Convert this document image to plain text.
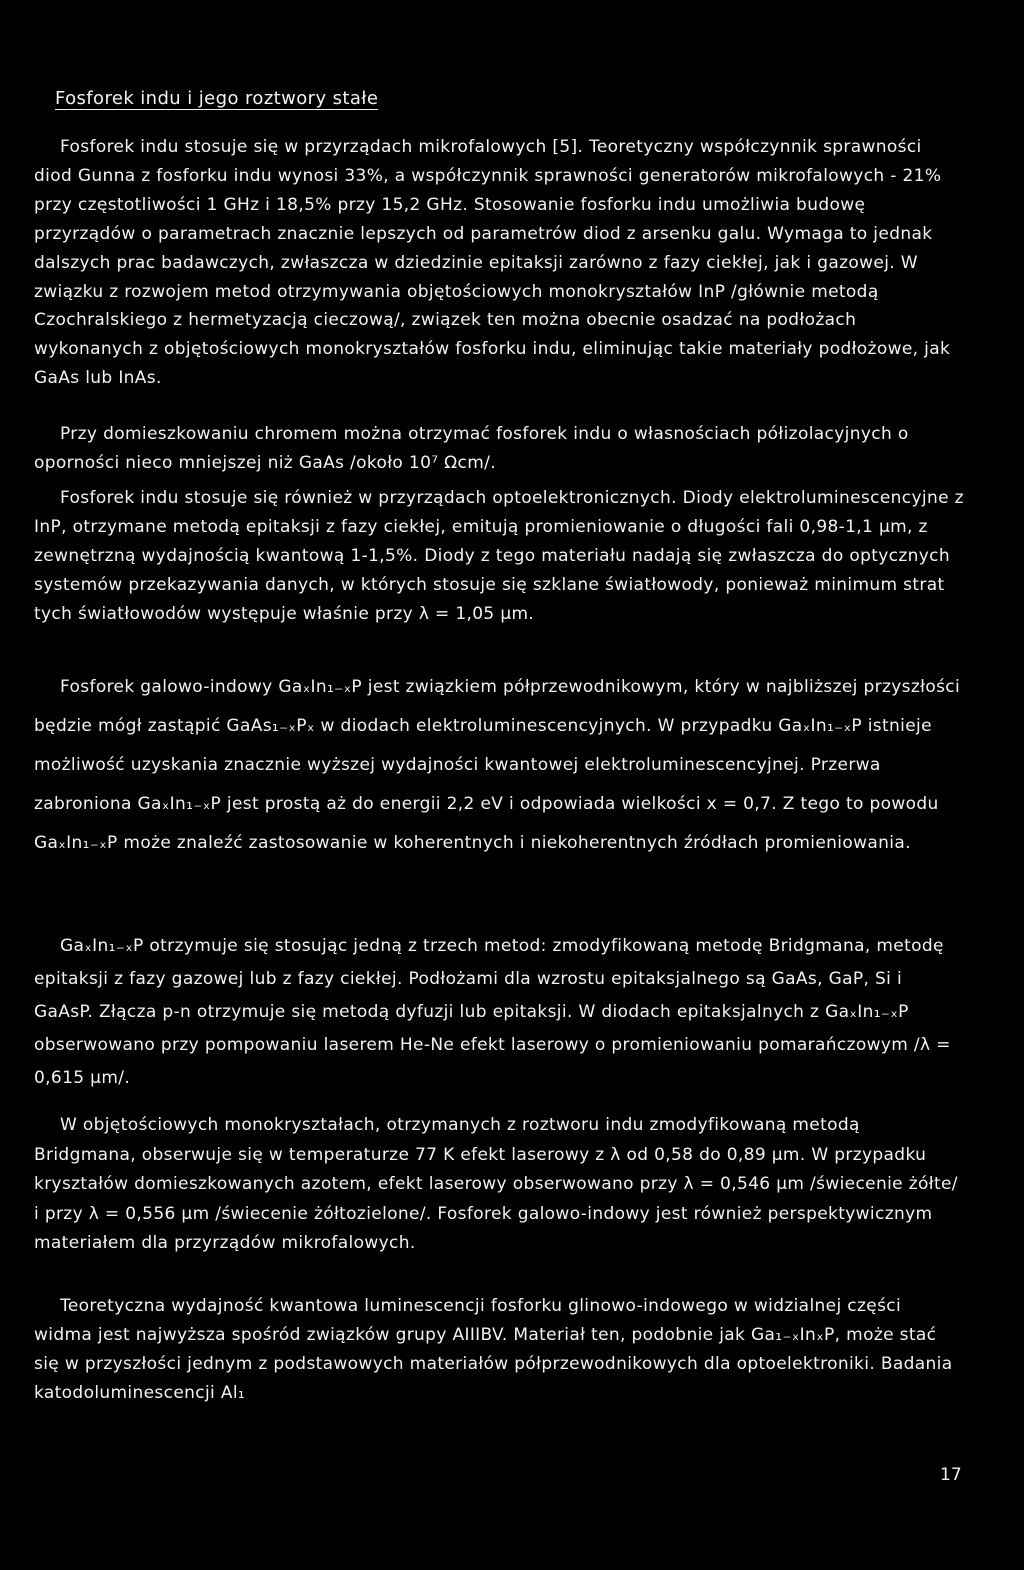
Fosforek indu i jego roztwory stałe

Fosforek indu stosuje się w przyrządach mikrofalowych [5]. Teoretyczny współczynnik sprawności diod Gunna z fosforku indu wynosi 33%, a współczynnik sprawności generatorów mikrofalowych - 21% przy częstotliwości 1 GHz i 18,5% przy 15,2 GHz. Stosowanie fosforku indu umożliwia budowę przyrządów o parametrach znacznie lepszych od parametrów diod z arsenku galu. Wymaga to jednak dalszych prac badawczych, zwłaszcza w dziedzinie epitaksji zarówno z fazy ciekłej, jak i gazowej. W związku z rozwojem metod otrzymywania objętościowych monokryształów InP /głównie metodą Czochralskiego z hermetyzacją cieczową/, związek ten można obecnie osadzać na podłożach wykonanych z objętościowych monokryształów fosforku indu, eliminując takie materiały podłożowe, jak GaAs lub InAs.

Przy domieszkowaniu chromem można otrzymać fosforek indu o własnościach półizolacyjnych o oporności nieco mniejszej niż GaAs /około 10⁷ Ωcm/.

Fosforek indu stosuje się również w przyrządach optoelektronicznych. Diody elektroluminescencyjne z InP, otrzymane metodą epitaksji z fazy ciekłej, emitują promieniowanie o długości fali 0,98-1,1 μm, z zewnętrzną wydajnością kwantową 1-1,5%. Diody z tego materiału nadają się zwłaszcza do optycznych systemów przekazywania danych, w których stosuje się szklane światłowody, ponieważ minimum strat tych światłowodów występuje właśnie przy λ = 1,05 μm.

Fosforek galowo-indowy GaₓIn₁₋ₓP jest związkiem półprzewodnikowym, który w najbliższej przyszłości będzie mógł zastąpić GaAs₁₋ₓPₓ w diodach elektroluminescencyjnych. W przypadku GaₓIn₁₋ₓP istnieje możliwość uzyskania znacznie wyższej wydajności kwantowej elektroluminescencyjnej. Przerwa zabroniona GaₓIn₁₋ₓP jest prostą aż do energii 2,2 eV i odpowiada wielkości x = 0,7. Z tego to powodu GaₓIn₁₋ₓP może znaleźć zastosowanie w koherentnych i niekoherentnych źródłach promieniowania.

GaₓIn₁₋ₓP otrzymuje się stosując jedną z trzech metod: zmodyfikowaną metodę Bridgmana, metodę epitaksji z fazy gazowej lub z fazy ciekłej. Podłożami dla wzrostu epitaksjalnego są GaAs, GaP, Si i GaAsP. Złącza p-n otrzymuje się metodą dyfuzji lub epitaksji. W diodach epitaksjalnych z GaₓIn₁₋ₓP obserwowano przy pompowaniu laserem He-Ne efekt laserowy o promieniowaniu pomarańczowym /λ = 0,615 μm/.

W objętościowych monokryształach, otrzymanych z roztworu indu zmodyfikowaną metodą Bridgmana, obserwuje się w temperaturze 77 K efekt laserowy z λ od 0,58 do 0,89 μm. W przypadku kryształów domieszkowanych azotem, efekt laserowy obserwowano przy λ = 0,546 μm /świecenie żółte/ i przy λ = 0,556 μm /świecenie żółtozielone/. Fosforek galowo-indowy jest również perspektywicznym materiałem dla przyrządów mikrofalowych.

Teoretyczna wydajność kwantowa luminescencji fosforku glinowo-indowego w widzialnej części widma jest najwyższa spośród związków grupy AIIIBV. Materiał ten, podobnie jak Ga₁₋ₓInₓP, może stać się w przyszłości jednym z podstawowych materiałów półprzewodnikowych dla optoelektroniki. Badania katodoluminescencji Al₁

17
